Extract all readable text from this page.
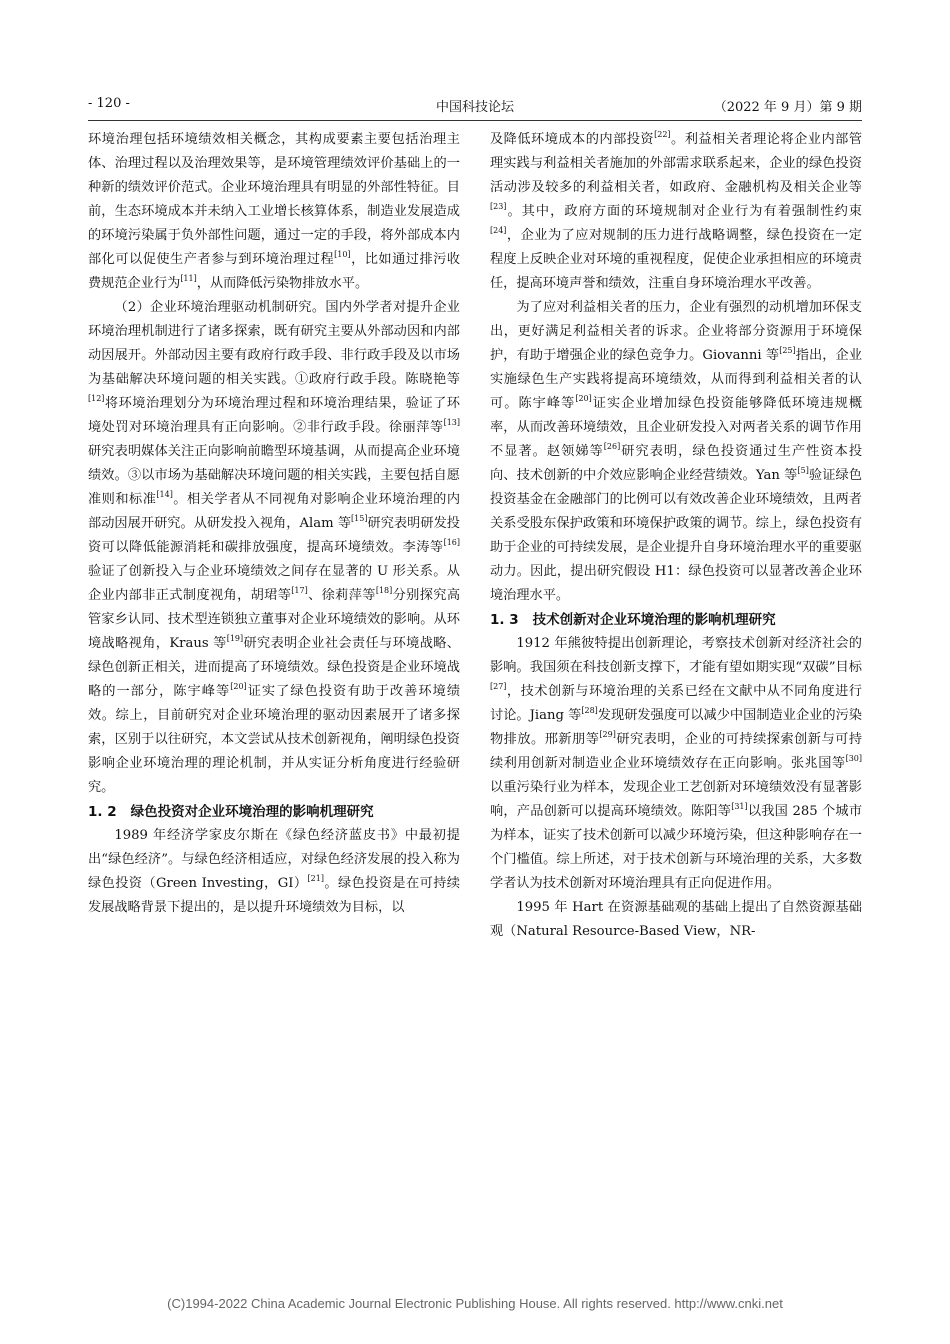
- 120 -	中国科技论坛	（2022 年 9 月）第 9 期

环境治理包括环境绩效相关概念，其构成要素主要包括治理主体、治理过程以及治理效果等，是环境管理绩效评价基础上的一种新的绩效评价范式。企业环境治理具有明显的外部性特征。目前，生态环境成本并未纳入工业增长核算体系，制造业发展造成的环境污染属于负外部性问题，通过一定的手段，将外部成本内部化可以促使生产者参与到环境治理过程[10]，比如通过排污收费规范企业行为[11]，从而降低污染物排放水平。

（2）企业环境治理驱动机制研究。国内外学者对提升企业环境治理机制进行了诸多探索，既有研究主要从外部动因和内部动因展开。外部动因主要有政府行政手段、非行政手段及以市场为基础解决环境问题的相关实践。①政府行政手段。陈晓艳等[12]将环境治理划分为环境治理过程和环境治理结果，验证了环境处罚对环境治理具有正向影响。②非行政手段。徐丽萍等[13]研究表明媒体关注正向影响前瞻型环境基调，从而提高企业环境绩效。③以市场为基础解决环境问题的相关实践，主要包括自愿准则和标准[14]。相关学者从不同视角对影响企业环境治理的内部动因展开研究。从研发投入视角，Alam 等[15]研究表明研发投资可以降低能源消耗和碳排放强度，提高环境绩效。李涛等[16]验证了创新投入与企业环境绩效之间存在显著的 U 形关系。从企业内部非正式制度视角，胡珺等[17]、徐莉萍等[18]分别探究高管家乡认同、技术型连锁独立董事对企业环境绩效的影响。从环境战略视角，Kraus 等[19]研究表明企业社会责任与环境战略、绿色创新正相关，进而提高了环境绩效。绿色投资是企业环境战略的一部分，陈宇峰等[20]证实了绿色投资有助于改善环境绩效。综上，目前研究对企业环境治理的驱动因素展开了诸多探索，区别于以往研究，本文尝试从技术创新视角，阐明绿色投资影响企业环境治理的理论机制，并从实证分析角度进行经验研究。

1. 2 绿色投资对企业环境治理的影响机理研究

1989 年经济学家皮尔斯在《绿色经济蓝皮书》中最初提出“绿色经济”。与绿色经济相适应，对绿色经济发展的投入称为绿色投资（Green Investing，GI）[21]。绿色投资是在可持续发展战略背景下提出的，是以提升环境绩效为目标，以

及降低环境成本的内部投资[22]。利益相关者理论将企业内部管理实践与利益相关者施加的外部需求联系起来，企业的绿色投资活动涉及较多的利益相关者，如政府、金融机构及相关企业等[23]。其中，政府方面的环境规制对企业行为有着强制性约束[24]，企业为了应对规制的压力进行战略调整，绿色投资在一定程度上反映企业对环境的重视程度，促使企业承担相应的环境责任，提高环境声誉和绩效，注重自身环境治理水平改善。

为了应对利益相关者的压力，企业有强烈的动机增加环保支出，更好满足利益相关者的诉求。企业将部分资源用于环境保护，有助于增强企业的绿色竞争力。Giovanni 等[25]指出，企业实施绿色生产实践将提高环境绩效，从而得到利益相关者的认可。陈宇峰等[20]证实企业增加绿色投资能够降低环境违规概率，从而改善环境绩效，且企业研发投入对两者关系的调节作用不显著。赵领娣等[26]研究表明，绿色投资通过生产性资本投向、技术创新的中介效应影响企业经营绩效。Yan 等[5]验证绿色投资基金在金融部门的比例可以有效改善企业环境绩效，且两者关系受股东保护政策和环境保护政策的调节。综上，绿色投资有助于企业的可持续发展，是企业提升自身环境治理水平的重要驱动力。因此，提出研究假设 H1：绿色投资可以显著改善企业环境治理水平。

1. 3 技术创新对企业环境治理的影响机理研究

1912 年熊彼特提出创新理论，考察技术创新对经济社会的影响。我国须在科技创新支撑下，才能有望如期实现“双碳”目标[27]，技术创新与环境治理的关系已经在文献中从不同角度进行讨论。Jiang 等[28]发现研发强度可以减少中国制造业企业的污染物排放。邢新朋等[29]研究表明，企业的可持续探索创新与可持续利用创新对制造业企业环境绩效存在正向影响。张兆国等[30]以重污染行业为样本，发现企业工艺创新对环境绩效没有显著影响，产品创新可以提高环境绩效。陈阳等[31]以我国 285 个城市为样本，证实了技术创新可以减少环境污染，但这种影响存在一个门槛值。综上所述，对于技术创新与环境治理的关系，大多数学者认为技术创新对环境治理具有正向促进作用。

1995 年 Hart 在资源基础观的基础上提出了自然资源基础观（Natural Resource-Based View，NR-

(C)1994-2022 China Academic Journal Electronic Publishing House. All rights reserved. http://www.cnki.net
